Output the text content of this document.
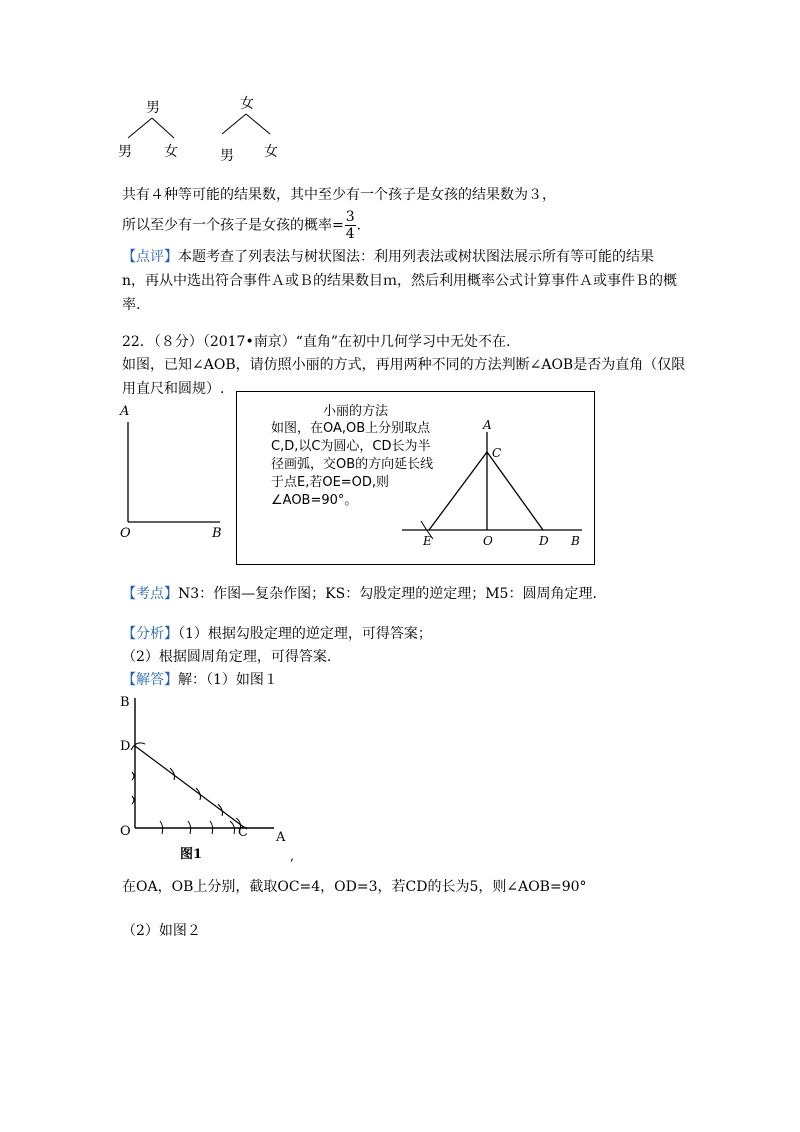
男
男 女
女
男 女
共有４种等可能的结果数，其中至少有一个孩子是女孩的结果数为３，
所以至少有一个孩子是女孩的概率= $\frac{3}{4}$ .
【点评】本题考查了列表法与树状图法：利用列表法或树状图法展示所有等可能的结果
n，再从中选出符合事件Ａ或Ｂ的结果数目ｍ，然后利用概率公式计算事件Ａ或事件Ｂ的概
率.
22．（８分）（2017•南京）“直角”在初中几何学习中无处不在.
如图，已知∠AOB，请仿照小丽的方式，再用两种不同的方法判断∠AOB是否为直角（仅限
用直尺和圆规）.
A
O	B
小丽的方法
如图，在OA,OB上分别取点C,D,以C为圆心，CD长为半径画弧，交OB的方向延长线于点E,若OE=OD,则∠AOB=90°。
A
C
E	O	D B
【考点】N3：作图—复杂作图；KS：勾股定理的逆定理；M5：圆周角定理.
【分析】（1）根据勾股定理的逆定理，可得答案；
（2）根据圆周角定理，可得答案.
【解答】解：（1）如图１
B
D
O	C A
图1	,
在OA，OB上分别，截取OC=4，OD=3，若CD的长为5，则∠AOB=90°
（2）如图２
